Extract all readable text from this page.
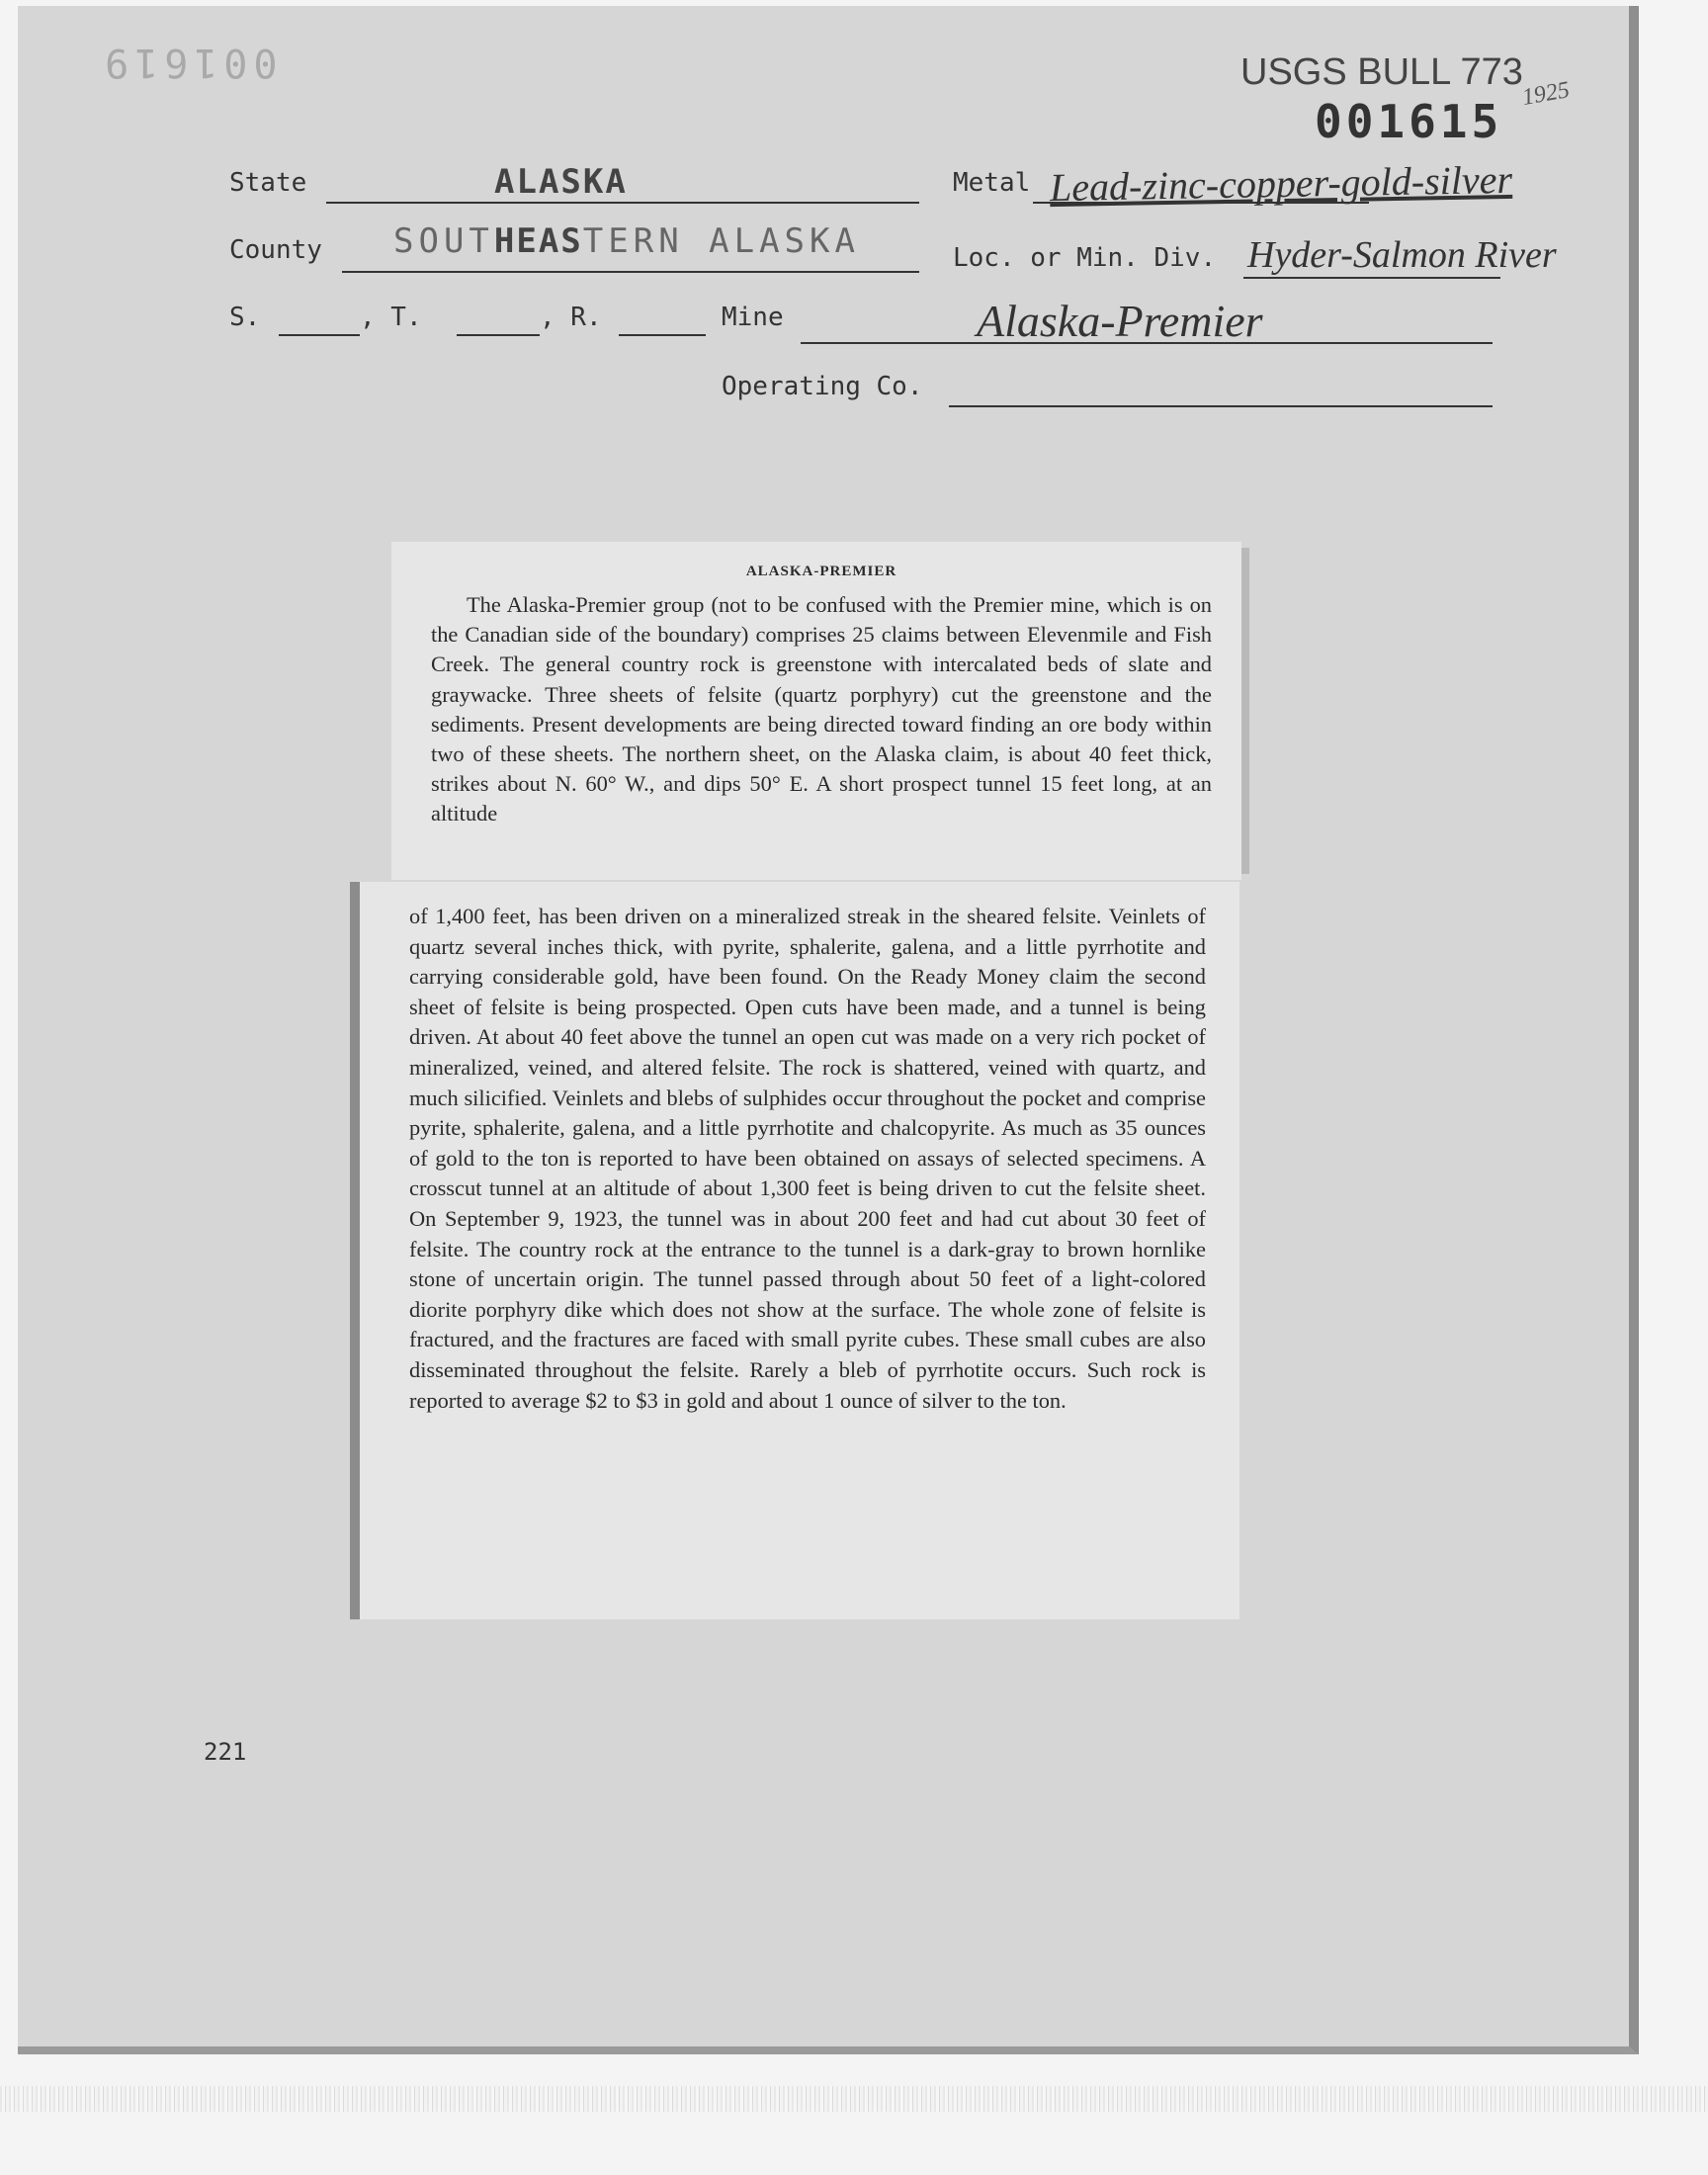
001619	USGS BULL 773
1925
001615
State	ALASKA	Metal Lead-zinc-copper-gold-silver
County SOUTHEASTERN ALASKA	Loc. or Min. Div. Hyder-Salmon River
S.	, T.	, R.	Mine	Alaska-Premier
Operating Co.
ALASKA-PREMIER

The Alaska-Premier group (not to be confused with the Premier mine, which is on the Canadian side of the boundary) comprises 25 claims between Elevenmile and Fish Creek. The general country rock is greenstone with intercalated beds of slate and graywacke. Three sheets of felsite (quartz porphyry) cut the greenstone and the sediments. Present developments are being directed toward finding an ore body within two of these sheets. The northern sheet, on the Alaska claim, is about 40 feet thick, strikes about N. 60° W., and dips 50° E. A short prospect tunnel 15 feet long, at an altitude

of 1,400 feet, has been driven on a mineralized streak in the sheared felsite. Veinlets of quartz several inches thick, with pyrite, sphalerite, galena, and a little pyrrhotite and carrying considerable gold, have been found. On the Ready Money claim the second sheet of felsite is being prospected. Open cuts have been made, and a tunnel is being driven. At about 40 feet above the tunnel an open cut was made on a very rich pocket of mineralized, veined, and altered felsite. The rock is shattered, veined with quartz, and much silicified. Veinlets and blebs of sulphides occur throughout the pocket and comprise pyrite, sphalerite, galena, and a little pyrrhotite and chalcopyrite. As much as 35 ounces of gold to the ton is reported to have been obtained on assays of selected specimens. A crosscut tunnel at an altitude of about 1,300 feet is being driven to cut the felsite sheet. On September 9, 1923, the tunnel was in about 200 feet and had cut about 30 feet of felsite. The country rock at the entrance to the tunnel is a dark-gray to brown hornlike stone of uncertain origin. The tunnel passed through about 50 feet of a light-colored diorite porphyry dike which does not show at the surface. The whole zone of felsite is fractured, and the fractures are faced with small pyrite cubes. These small cubes are also disseminated throughout the felsite. Rarely a bleb of pyrrhotite occurs. Such rock is reported to average $2 to $3 in gold and about 1 ounce of silver to the ton.

221
